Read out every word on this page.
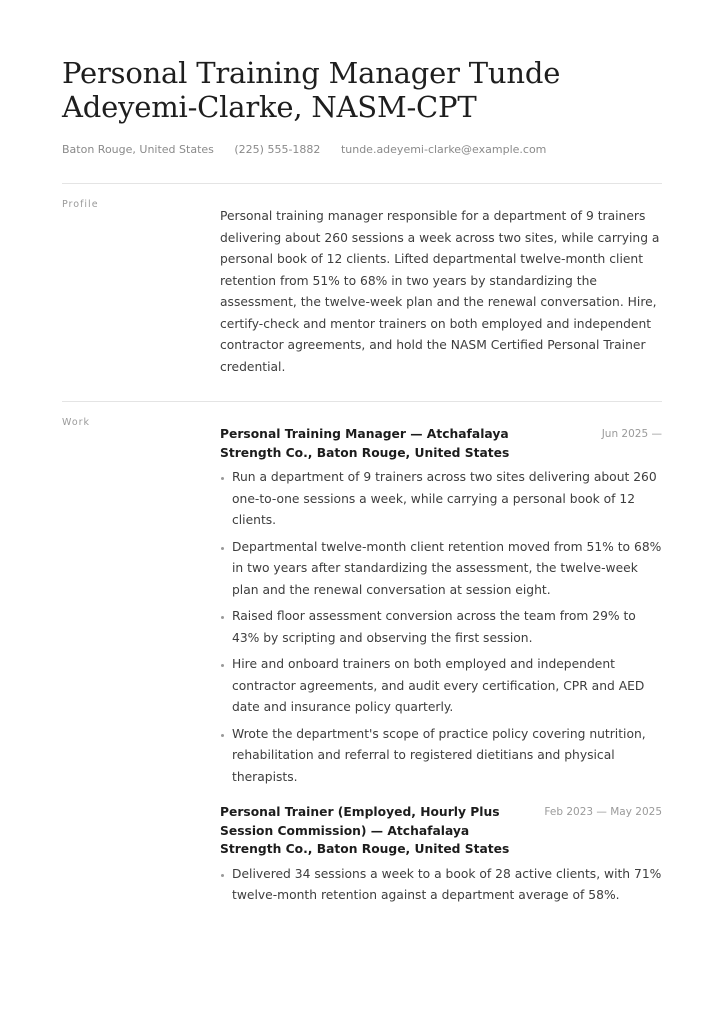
Personal Training Manager Tunde Adeyemi-Clarke, NASM-CPT
Baton Rouge, United States (225) 555-1882 tunde.adeyemi-clarke@example.com
Profile

Personal training manager responsible for a department of 9 trainers delivering about 260 sessions a week across two sites, while carrying a personal book of 12 clients. Lifted departmental twelve-month client retention from 51% to 68% in two years by standardizing the assessment, the twelve-week plan and the renewal conversation. Hire, certify-check and mentor trainers on both employed and independent contractor agreements, and hold the NASM Certified Personal Trainer credential.

Work
Personal Training Manager — Atchafalaya Strength Co., Baton Rouge, United States
Jun 2025 —
Run a department of 9 trainers across two sites delivering about 260 one-to-one sessions a week, while carrying a personal book of 12 clients.
Departmental twelve-month client retention moved from 51% to 68% in two years after standardizing the assessment, the twelve-week plan and the renewal conversation at session eight.
Raised floor assessment conversion across the team from 29% to 43% by scripting and observing the first session.
Hire and onboard trainers on both employed and independent contractor agreements, and audit every certification, CPR and AED date and insurance policy quarterly.
Wrote the department's scope of practice policy covering nutrition, rehabilitation and referral to registered dietitians and physical therapists.
Personal Trainer (Employed, Hourly Plus Session Commission) — Atchafalaya Strength Co., Baton Rouge, United States
Feb 2023 — May 2025
Delivered 34 sessions a week to a book of 28 active clients, with 71% twelve-month retention against a department average of 58%.
